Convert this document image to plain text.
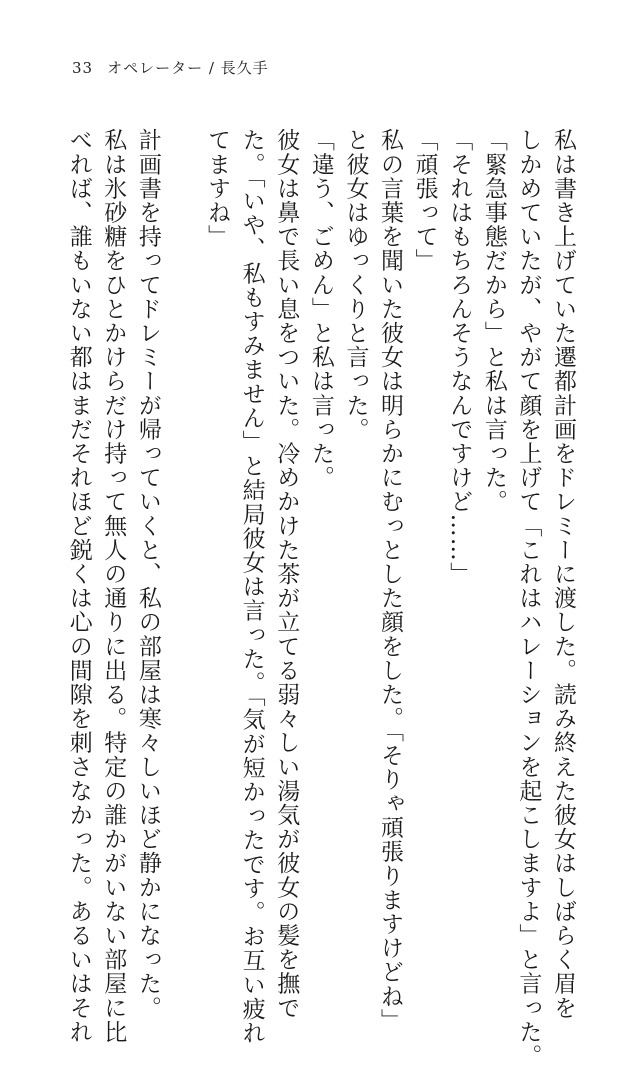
33 オペレーター / 長久手
私は書き上げていた遷都計画をドレミーに渡した。読み終えた彼女はしばらく眉を
しかめていたが、やがて顔を上げて「これはハレーションを起こしますよ」と言った。
「緊急事態だから」と私は言った。
「それはもちろんそうなんですけど……」
「頑張って」
私の言葉を聞いた彼女は明らかにむっとした顔をした。「そりゃ頑張りますけどね」
と彼女はゆっくりと言った。
「違う、ごめん」と私は言った。
彼女は鼻で長い息をついた。冷めかけた茶が立てる弱々しい湯気が彼女の髪を撫で
た。「いや、私もすみません」と結局彼女は言った。「気が短かったです。お互い疲れ
てますね」
計画書を持ってドレミーが帰っていくと、私の部屋は寒々しいほど静かになった。
私は氷砂糖をひとかけらだけ持って無人の通りに出る。特定の誰かがいない部屋に比
べれば、誰もいない都はまだそれほど鋭くは心の間隙を刺さなかった。あるいはそれ
